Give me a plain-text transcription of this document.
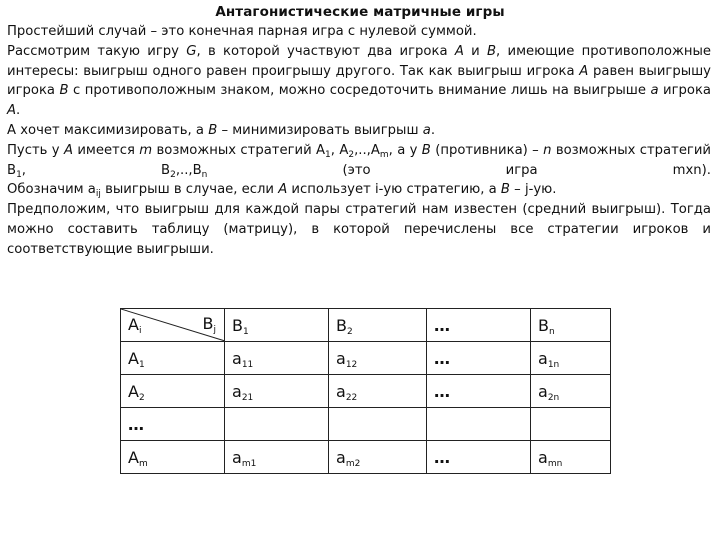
Антагонистические матричные игры

Простейший случай – это конечная парная игра с нулевой суммой.

Рассмотрим такую игру G, в которой участвуют два игрока A и B, имеющие противоположные интересы: выигрыш одного равен проигрышу другого. Так как выигрыш игрока A равен выигрышу игрока B с противоположным знаком, можно сосредоточить внимание лишь на выигрыше a игрока A.

А хочет максимизировать, а В – минимизировать выигрыш a.

Пусть у А имеется m возможных стратегий $А_1$, $А_2,..,А_m$, а у В (противника) – n возможных стратегий $В_1$, $В_2,..,В_n$ (это игра mxn).

Обозначим $a_{ij}$ выигрыш в случае, если A использует i-ую стратегию, а B – j-ую.

Предположим, что выигрыш для каждой пары стратегий нам известен (средний выигрыш). Тогда можно составить таблицу (матрицу), в которой перечислены все стратегии игроков и соответствующие выигрыши.

$A_i$ $B_j$	$B_1$	$B_2$	…	$B_n$
$A_1$	$a_{11}$	$a_{12}$	…	$a_{1n}$
$A_2$	$a_{21}$	$a_{22}$	…	$a_{2n}$
…				
$A_m$	$a_{m1}$	$a_{m2}$	…	$a_{mn}$
